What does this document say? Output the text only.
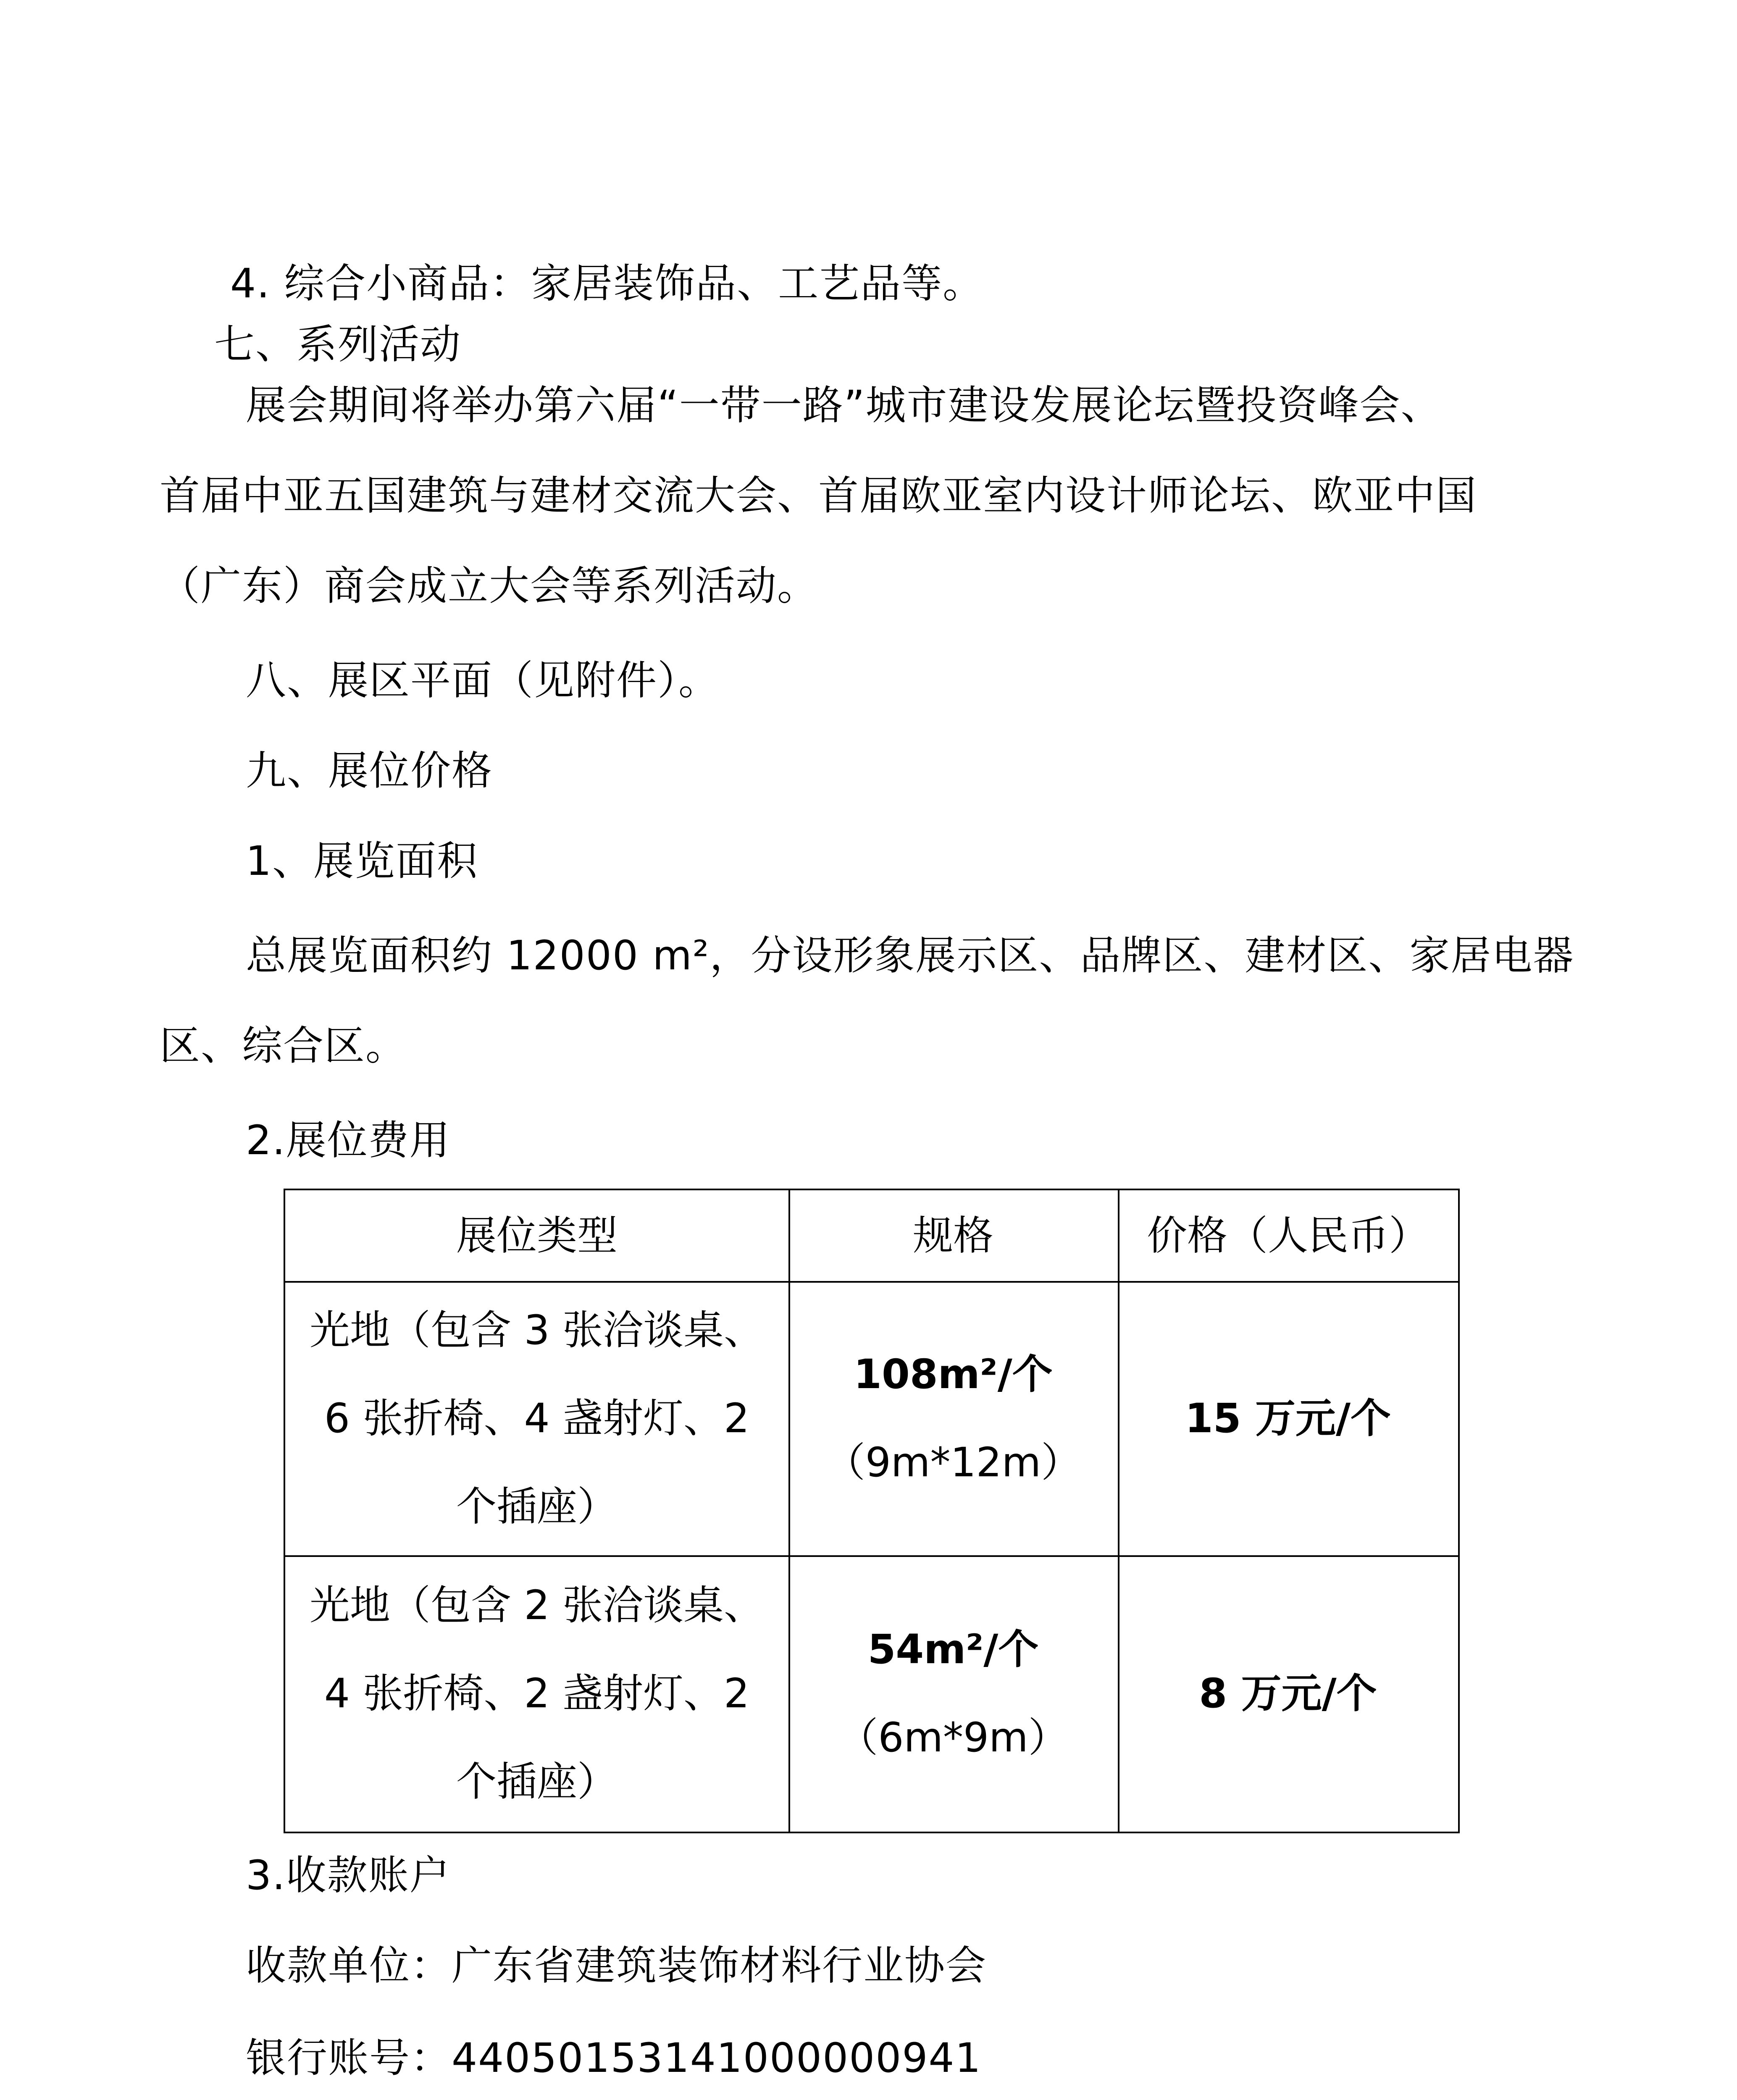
4. 综合小商品：家居装饰品、工艺品等。
七、系列活动
展会期间将举办第六届“一带一路”城市建设发展论坛暨投资峰会、
首届中亚五国建筑与建材交流大会、首届欧亚室内设计师论坛、欧亚中国
（广东）商会成立大会等系列活动。
八、展区平面（见附件）。
九、展位价格
1、展览面积
总展览面积约 12000 m²，分设形象展示区、品牌区、建材区、家居电器
区、综合区。
2.展位费用
展位类型	规格	价格（人民币）
光地（包含 3 张洽谈桌、
6 张折椅、4 盏射灯、2
个插座）
108m²/个
（9m*12m）
15 万元/个
光地（包含 2 张洽谈桌、
4 张折椅、2 盏射灯、2
个插座）
54m²/个
（6m*9m）
8 万元/个
3.收款账户
收款单位：广东省建筑装饰材料行业协会
银行账号：44050153141000000941
